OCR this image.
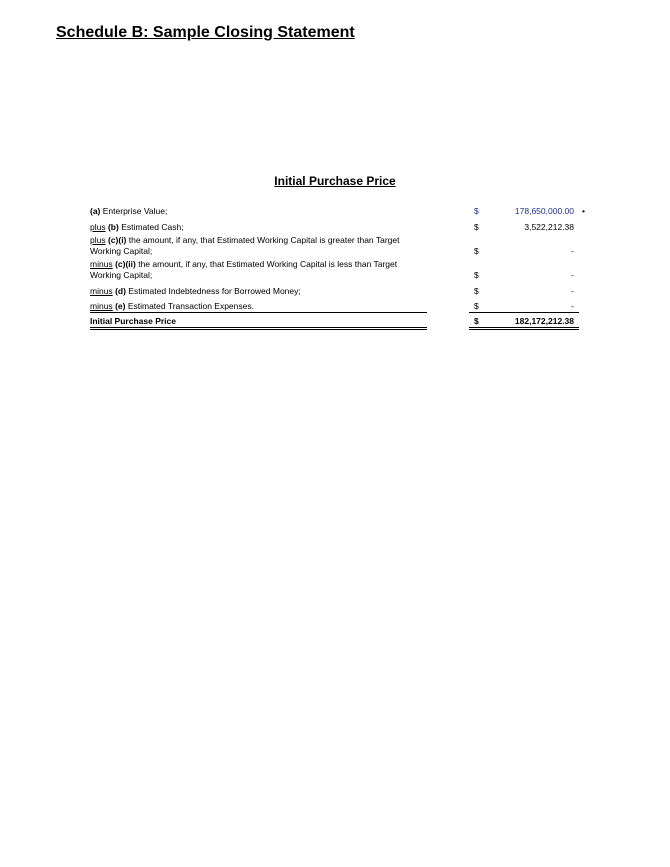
Schedule B: Sample Closing Statement
Initial Purchase Price
(a) Enterprise Value;	$	178,650,000.00 •
plus (b) Estimated Cash;	$	3,522,212.38
plus (c)(i) the amount, if any, that Estimated Working Capital is greater than Target
Working Capital;	$	-
minus (c)(ii) the amount, if any, that Estimated Working Capital is less than Target
Working Capital;	$	-
minus (d) Estimated Indebtedness for Borrowed Money;	$	-
minus (e) Estimated Transaction Expenses.	$	-
Initial Purchase Price	$	182,172,212.38
